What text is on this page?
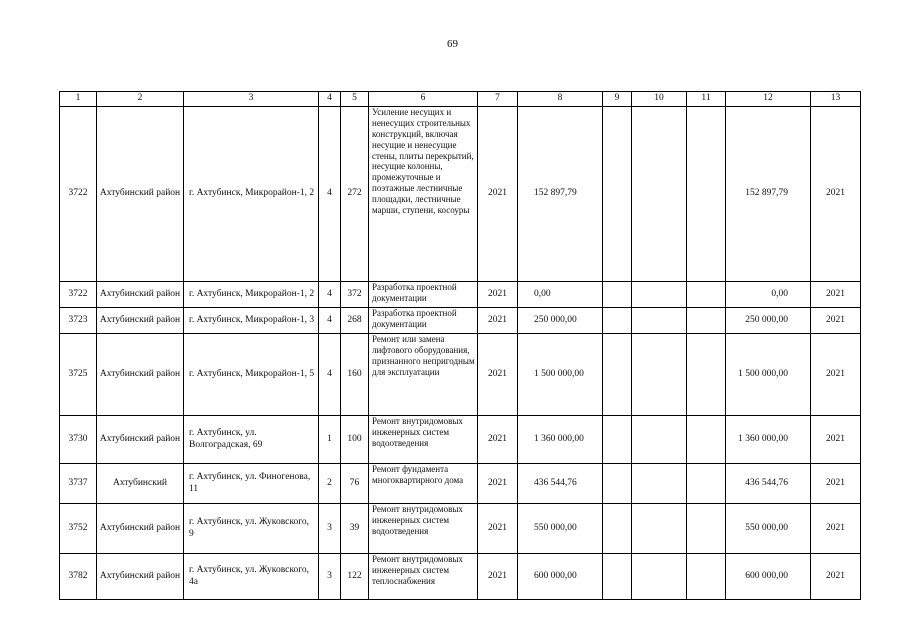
69
1	2	3	4	5	6	7	8	9	10	11	12	13
3722	Ахтубинский район	г. Ахтубинск, Микрорайон-1, 2	4	272	Усиление несущих и ненесущих строительных конструкций, включая несущие и ненесущие стены, плиты перекрытий, несущие колонны, промежуточные и поэтажные лестничные площадки, лестничные марши, ступени, косоуры	2021	152 897,79				152 897,79	2021
3722	Ахтубинский район	г. Ахтубинск, Микрорайон-1, 2	4	372	Разработка проектной документации	2021	0,00				0,00	2021
3723	Ахтубинский район	г. Ахтубинск, Микрорайон-1, 3	4	268	Разработка проектной документации	2021	250 000,00				250 000,00	2021
3725	Ахтубинский район	г. Ахтубинск, Микрорайон-1, 5	4	160	Ремонт или замена лифтового оборудования, признанного непригодным для эксплуатации	2021	1 500 000,00				1 500 000,00	2021
3730	Ахтубинский район	г. Ахтубинск, ул. Волгоградская, 69	1	100	Ремонт внутридомовых инженерных систем водоотведения	2021	1 360 000,00				1 360 000,00	2021
3737	Ахтубинский	г. Ахтубинск, ул. Финогенова, 11	2	76	Ремонт фундамента многоквартирного дома	2021	436 544,76				436 544,76	2021
3752	Ахтубинский район	г. Ахтубинск, ул. Жуковского, 9	3	39	Ремонт внутридомовых инженерных систем водоотведения	2021	550 000,00				550 000,00	2021
3782	Ахтубинский район	г. Ахтубинск, ул. Жуковского, 4а	3	122	Ремонт внутридомовых инженерных систем теплоснабжения	2021	600 000,00				600 000,00	2021
